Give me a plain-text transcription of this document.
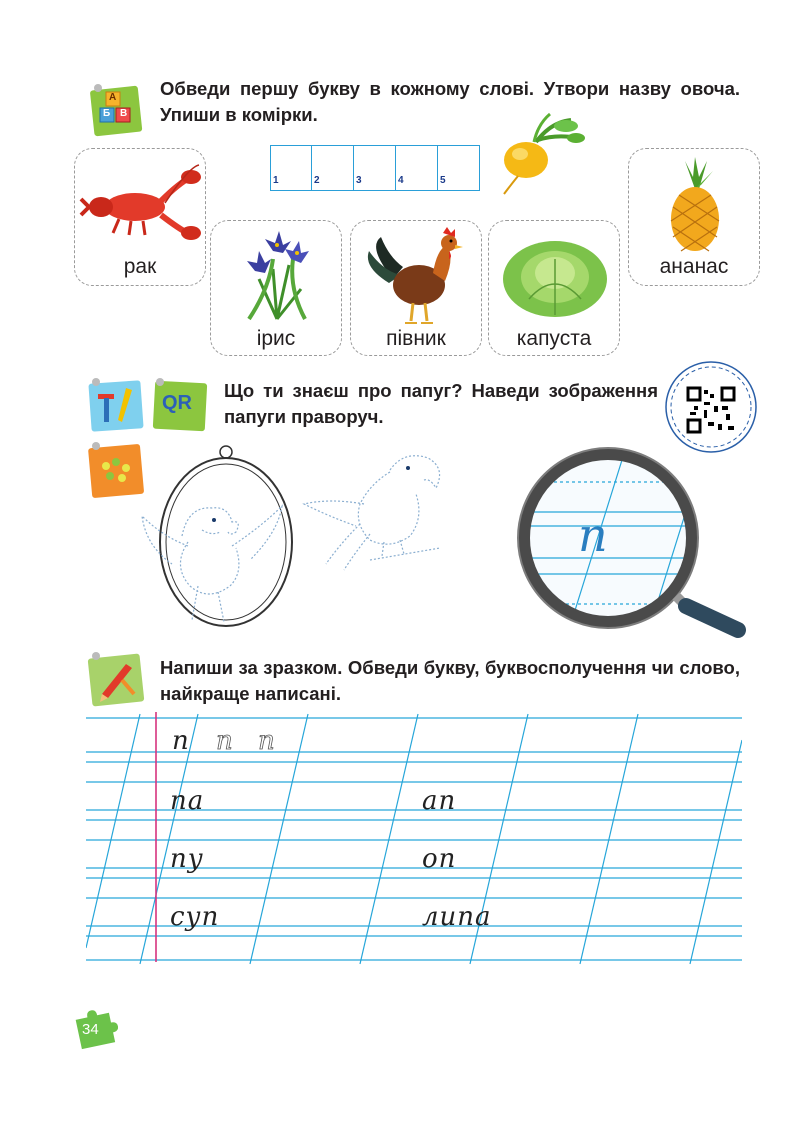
А
Б В
Обведи першу букву в кожному слові. Утвори назву овоча. Упиши в комірки.
1	2	3	4	5
рак
ірис	півник	капуста
ананас
QR
Що ти знаєш про папуг? Наведи зображення папуги праворуч.
п
Напиши за зразком. Обведи букву, буквосполучення чи слово, найкраще написані.
п п п
па	ап
пу	оп
суп	липа
34
